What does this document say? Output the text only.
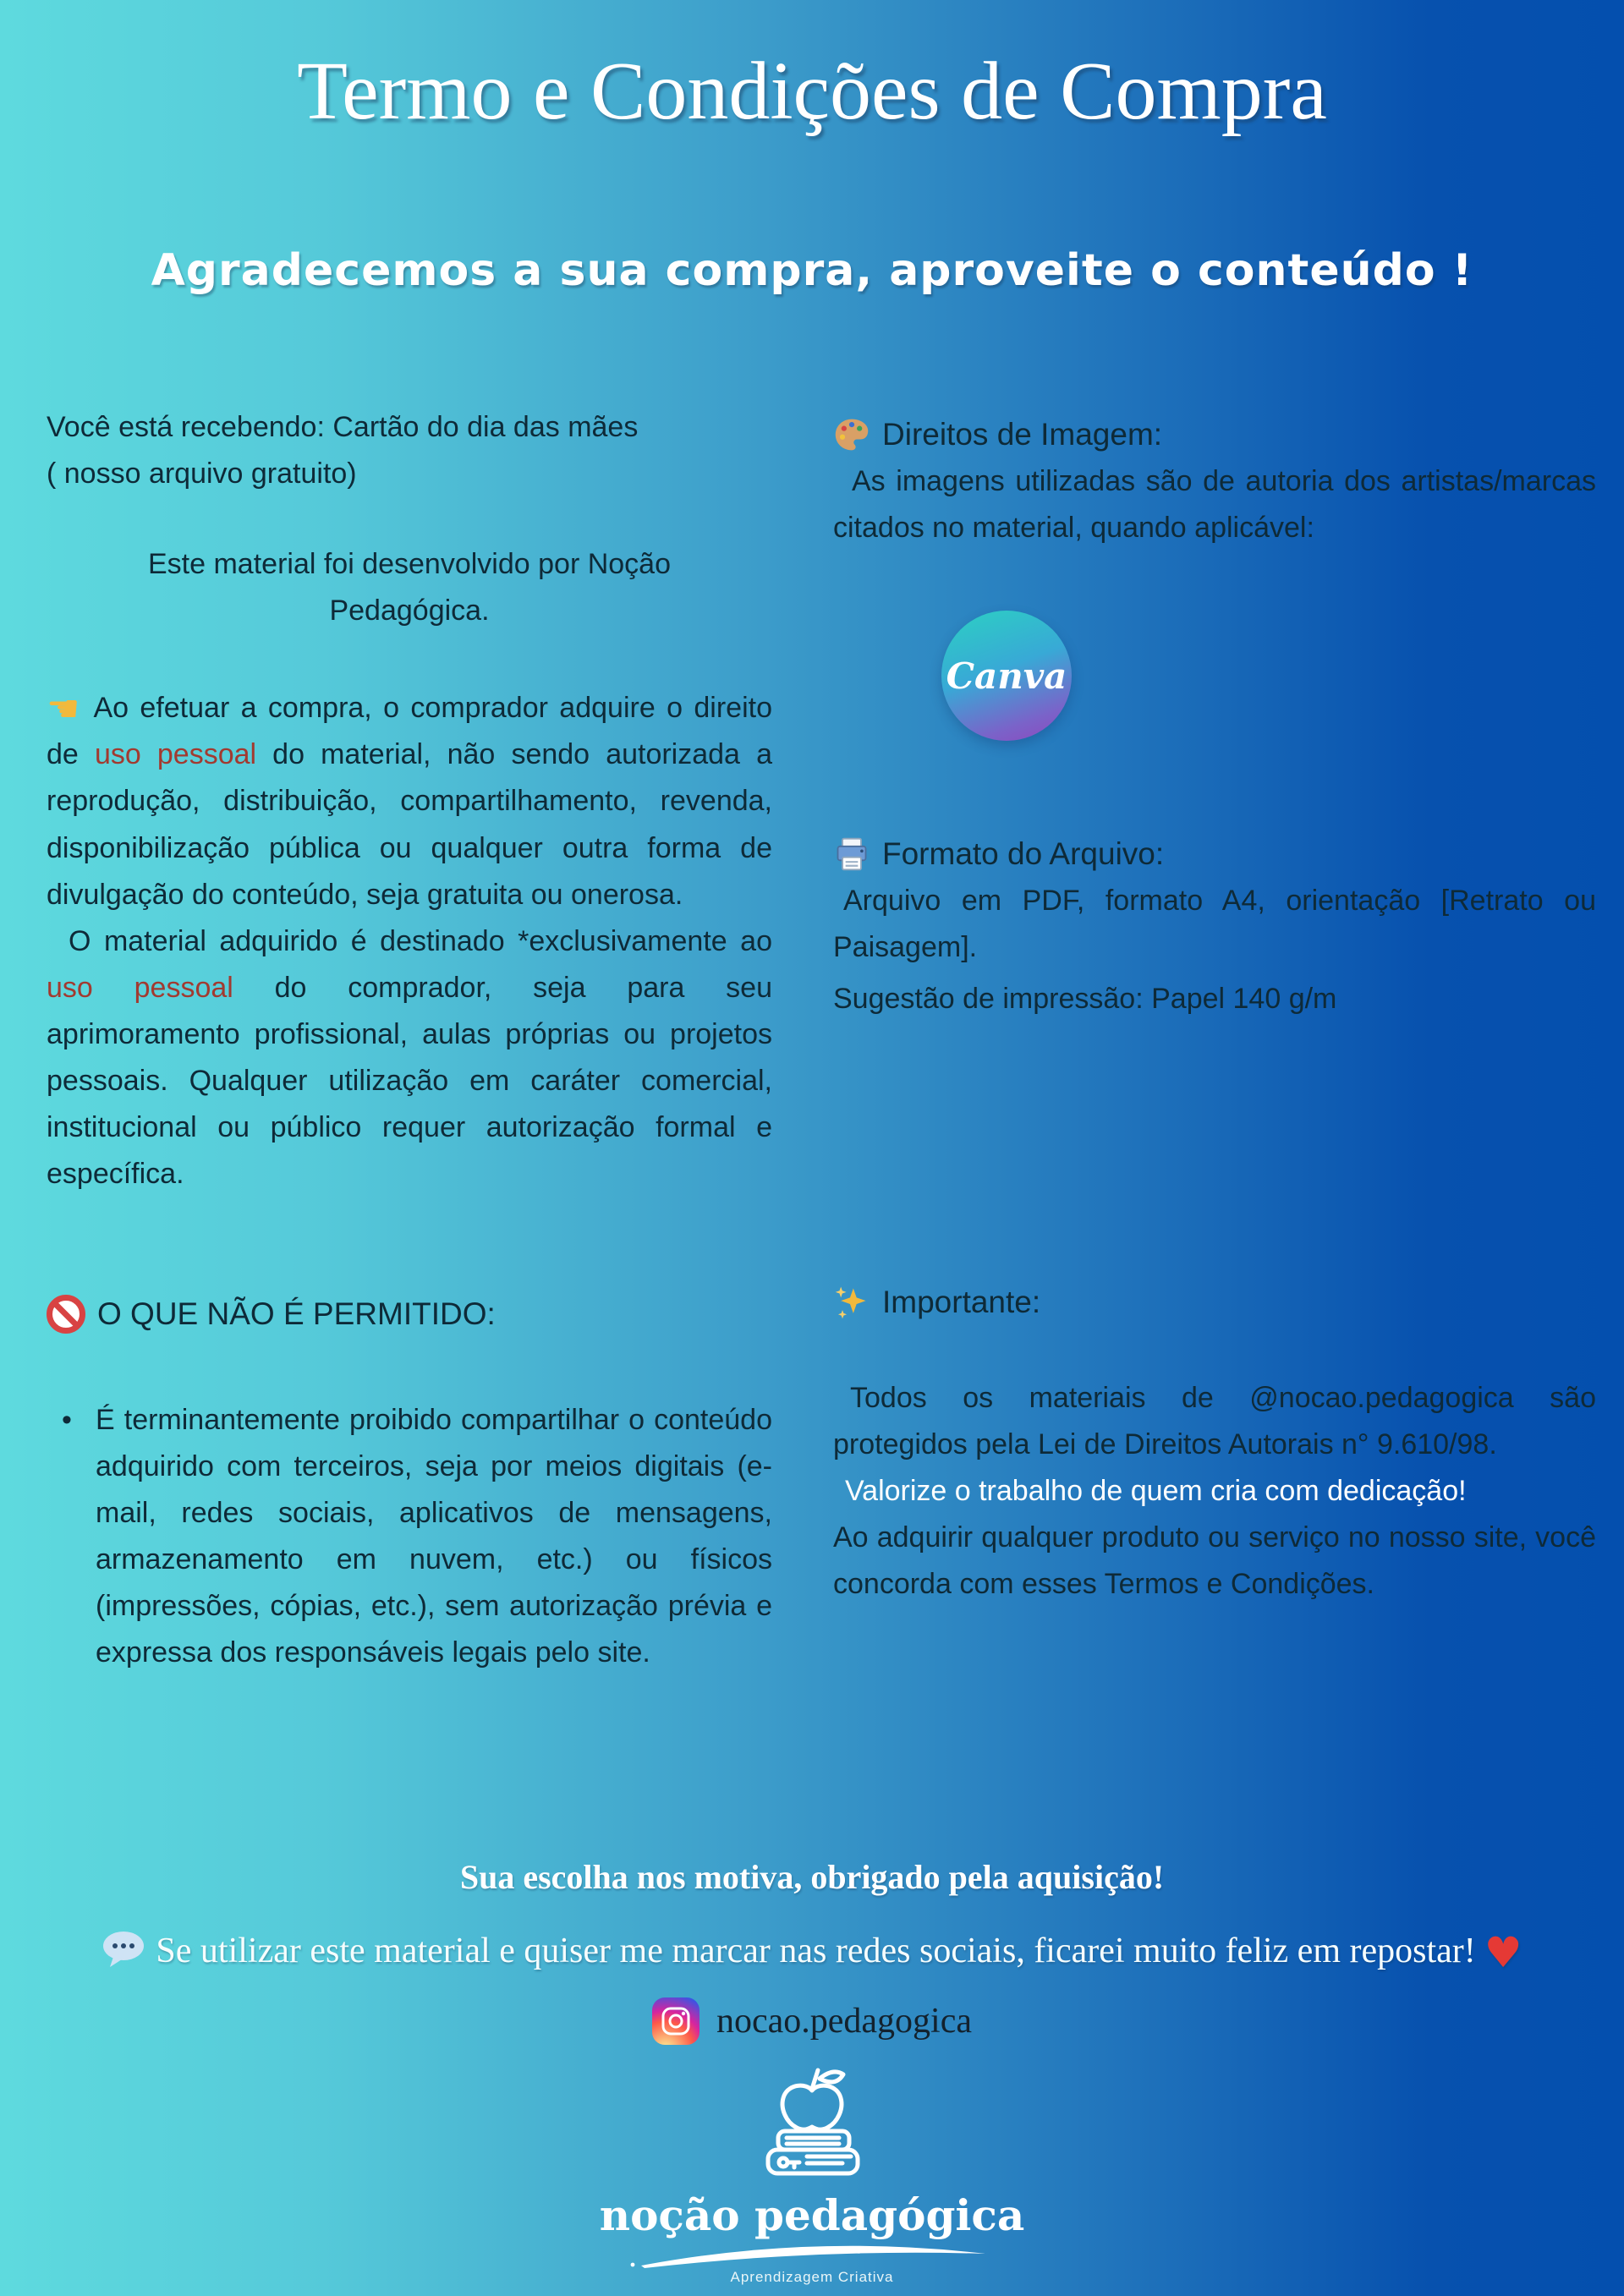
Termo e Condições de Compra
Agradecemos a sua compra, aproveite o conteúdo !

Você está recebendo: Cartão do dia das mães
( nosso arquivo gratuito)

Este material foi desenvolvido por Noção Pedagógica.

☚ Ao efetuar a compra, o comprador adquire o direito de uso pessoal do material, não sendo autorizada a reprodução, distribuição, compartilhamento, revenda, disponibilização pública ou qualquer outra forma de divulgação do conteúdo, seja gratuita ou onerosa.

O material adquirido é destinado *exclusivamente ao uso pessoal do comprador, seja para seu aprimoramento profissional, aulas próprias ou projetos pessoais. Qualquer utilização em caráter comercial, institucional ou público requer autorização formal e específica.

O QUE NÃO É PERMITIDO:

• É terminantemente proibido compartilhar o conteúdo adquirido com terceiros, seja por meios digitais (e-mail, redes sociais, aplicativos de mensagens, armazenamento em nuvem, etc.) ou físicos (impressões, cópias, etc.), sem autorização prévia e expressa dos responsáveis legais pelo site.

Direitos de Imagem:

As imagens utilizadas são de autoria dos artistas/marcas citados no material, quando aplicável:

Canva
Formato do Arquivo:

Arquivo em PDF, formato A4, orientação [Retrato ou Paisagem].

Sugestão de impressão: Papel 140 g/m

Importante:

Todos os materiais de @nocao.pedagogica são protegidos pela Lei de Direitos Autorais n° 9.610/98.

Valorize o trabalho de quem cria com dedicação!

Ao adquirir qualquer produto ou serviço no nosso site, você concorda com esses Termos e Condições.

Sua escolha nos motiva, obrigado pela aquisição!
Se utilizar este material e quiser me marcar nas redes sociais, ficarei muito feliz em repostar! ♥
nocao.pedagogica
noção pedagógica
Aprendizagem Criativa
